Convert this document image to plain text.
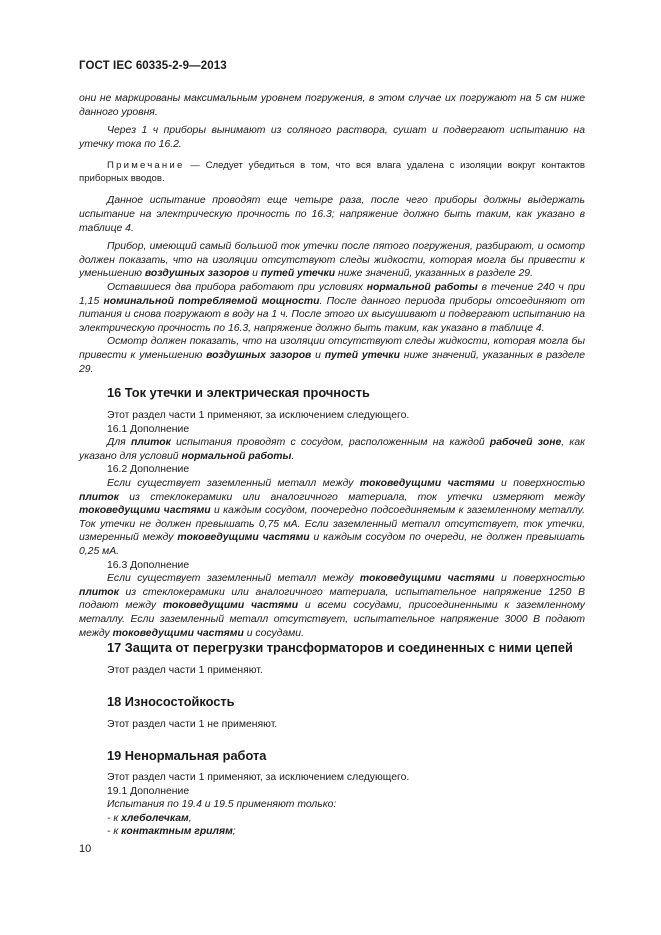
ГОСТ IEC 60335-2-9—2013

они не маркированы максимальным уровнем погружения, в этом случае их погружают на 5 см ниже данного уровня.

Через 1 ч приборы вынимают из соляного раствора, сушат и подвергают испытанию на утечку тока по 16.2.

Примечание — Следует убедиться в том, что вся влага удалена с изоляции вокруг контактов приборных вводов.

Данное испытание проводят еще четыре раза, после чего приборы должны выдержать испытание на электрическую прочность по 16.3; напряжение должно быть таким, как указано в таблице 4.

Прибор, имеющий самый большой ток утечки после пятого погружения, разбирают, и осмотр должен показать, что на изоляции отсутствуют следы жидкости, которая могла бы привести к уменьшению воздушных зазоров и путей утечки ниже значений, указанных в разделе 29.

Оставшиеся два прибора работают при условиях нормальной работы в течение 240 ч при 1,15 номинальной потребляемой мощности. После данного периода приборы отсоединяют от питания и снова погружают в воду на 1 ч. После этого их высушивают и подвергают испытанию на электрическую прочность по 16.3, напряжение должно быть таким, как указано в таблице 4.

Осмотр должен показать, что на изоляции отсутствуют следы жидкости, которая могла бы привести к уменьшению воздушных зазоров и путей утечки ниже значений, указанных в разделе 29.

16 Ток утечки и электрическая прочность

Этот раздел части 1 применяют, за исключением следующего.

16.1 Дополнение

Для плиток испытания проводят с сосудом, расположенным на каждой рабочей зоне, как указано для условий нормальной работы.

16.2 Дополнение

Если существует заземленный металл между токоведущими частями и поверхностью плиток из стеклокерамики или аналогичного материала, ток утечки измеряют между токоведущими частями и каждым сосудом, поочередно подсоединяемым к заземленному металлу. Ток утечки не должен превышать 0,75 мА. Если заземленный металл отсутствует, ток утечки, измеренный между токоведущими частями и каждым сосудом по очереди, не должен превышать 0,25 мА.

16.3 Дополнение

Если существует заземленный металл между токоведущими частями и поверхностью плиток из стеклокерамики или аналогичного материала, испытательное напряжение 1250 В подают между токоведущими частями и всеми сосудами, присоединенными к заземленному металлу. Если заземленный металл отсутствует, испытательное напряжение 3000 В подают между токоведущими частями и сосудами.

17 Защита от перегрузки трансформаторов и соединенных с ними цепей

Этот раздел части 1 применяют.

18 Износостойкость

Этот раздел части 1 не применяют.

19 Ненормальная работа

Этот раздел части 1 применяют, за исключением следующего.

19.1 Дополнение

Испытания по 19.4 и 19.5 применяют только:

- к хлеболечкам,

- к контактным грилям;

10
